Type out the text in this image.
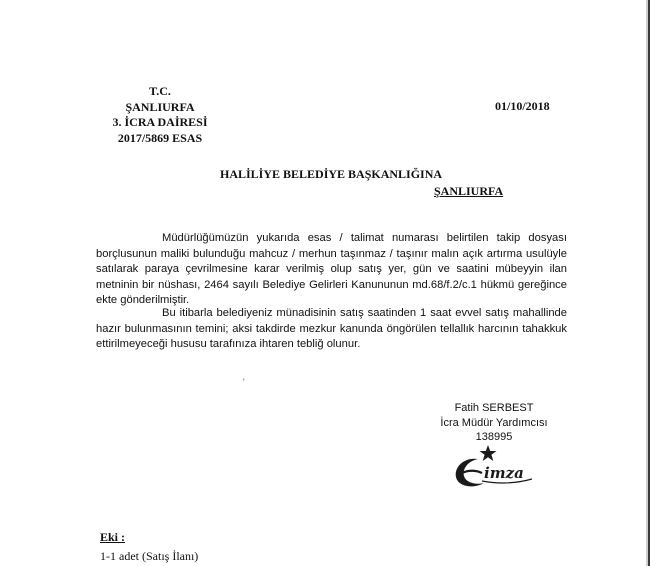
T.C.
ŞANLIURFA
3. İCRA DAİRESİ
2017/5869 ESAS
01/10/2018
HALİLİYE BELEDİYE BAŞKANLIĞINA
ŞANLIURFA

Müdürlüğümüzün yukarıda esas / talimat numarası belirtilen takip dosyası borçlusunun maliki bulunduğu mahcuz / merhun taşınmaz / taşınır malın açık artırma usulüyle satılarak paraya çevrilmesine karar verilmiş olup satış yer, gün ve saatini mübeyyin ilan metninin bir nüshası, 2464 sayılı Belediye Gelirleri Kanununun md.68/f.2/c.1 hükmü gereğince ekte gönderilmiştir.

Bu itibarla belediyeniz münadisinin satış saatinden 1 saat evvel satış mahallinde hazır bulunmasının temini; aksi takdirde mezkur kanunda öngörülen tellallık harcının tahakkuk ettirilmeyeceği hususu tarafınıza ihtaren tebliğ olunur.

'
Fatih SERBEST
İcra Müdür Yardımcısı
138995
imza
Eki :
1-1 adet (Satış İlanı)
